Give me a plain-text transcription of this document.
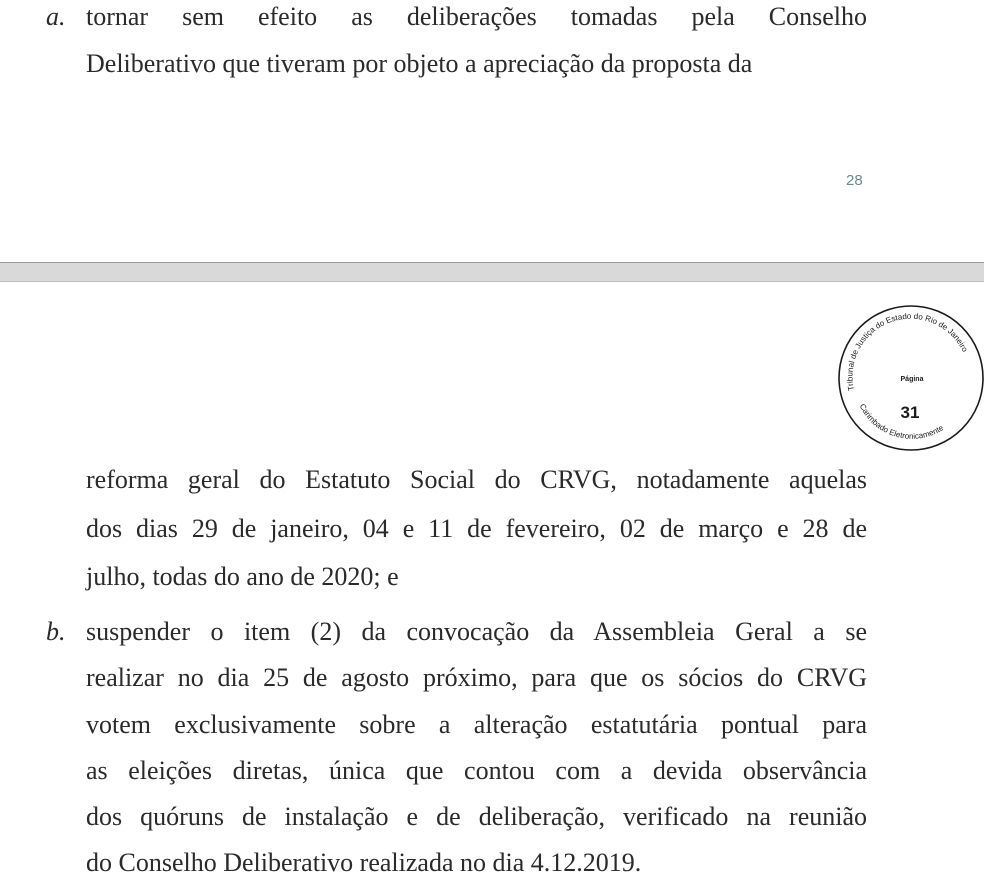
a. tornar sem efeito as deliberações tomadas pela Conselho
Deliberativo que tiveram por objeto a apreciação da proposta da
28
Tribunal de Justiça do Estado do Rio de Janeiro
Carimbado Eletronicamente
Página
31
reforma geral do Estatuto Social do CRVG, notadamente aquelas
dos dias 29 de janeiro, 04 e 11 de fevereiro, 02 de março e 28 de
julho, todas do ano de 2020; e
b. suspender o item (2) da convocação da Assembleia Geral a se
realizar no dia 25 de agosto próximo, para que os sócios do CRVG
votem exclusivamente sobre a alteração estatutária pontual para
as eleições diretas, única que contou com a devida observância
dos quóruns de instalação e de deliberação, verificado na reunião
do Conselho Deliberativo realizada no dia 4.12.2019.
